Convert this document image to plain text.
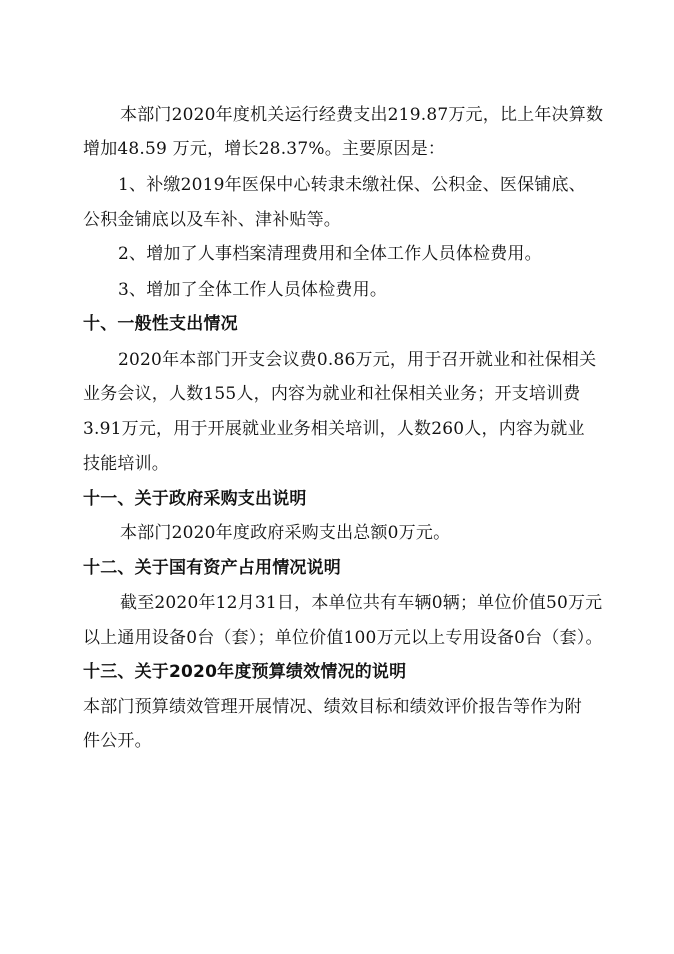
本部门2020年度机关运行经费支出219.87万元，比上年决算数
增加48.59 万元，增长28.37%。主要原因是：
1、补缴2019年医保中心转隶未缴社保、公积金、医保铺底、
公积金铺底以及车补、津补贴等。
2、增加了人事档案清理费用和全体工作人员体检费用。
3、增加了全体工作人员体检费用。
十、一般性支出情况
2020年本部门开支会议费0.86万元，用于召开就业和社保相关
业务会议，人数155人，内容为就业和社保相关业务；开支培训费
3.91万元，用于开展就业业务相关培训，人数260人，内容为就业
技能培训。
十一、关于政府采购支出说明
本部门2020年度政府采购支出总额0万元。
十二、关于国有资产占用情况说明
截至2020年12月31日，本单位共有车辆0辆；单位价值50万元
以上通用设备0台（套）；单位价值100万元以上专用设备0台（套）。
十三、关于2020年度预算绩效情况的说明
本部门预算绩效管理开展情况、绩效目标和绩效评价报告等作为附
件公开。
